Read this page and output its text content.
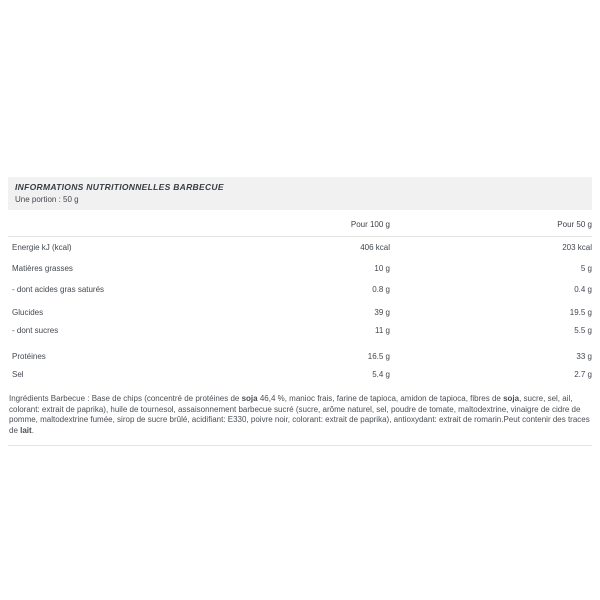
INFORMATIONS NUTRITIONNELLES BARBECUE
Une portion : 50 g
Pour 100 g	Pour 50 g
Energie kJ (kcal)	406 kcal	203 kcal
Matières grasses	10 g	5 g
- dont acides gras saturés	0.8 g	0.4 g
Glucides	39 g	19.5 g
- dont sucres	11 g	5.5 g
Protéines	16.5 g	33 g
Sel	5.4 g	2.7 g

Ingrédients Barbecue : Base de chips (concentré de protéines de soja 46,4 %, manioc frais, farine de tapioca, amidon de tapioca, fibres de soja, sucre, sel, ail, colorant: extrait de paprika), huile de tournesol, assaisonnement barbecue sucré (sucre, arôme naturel, sel, poudre de tomate, maltodextrine, vinaigre de cidre de pomme, maltodextrine fumée, sirop de sucre brûlé, acidifiant: E330, poivre noir, colorant: extrait de paprika), antioxydant: extrait de romarin.Peut contenir des traces de lait.
